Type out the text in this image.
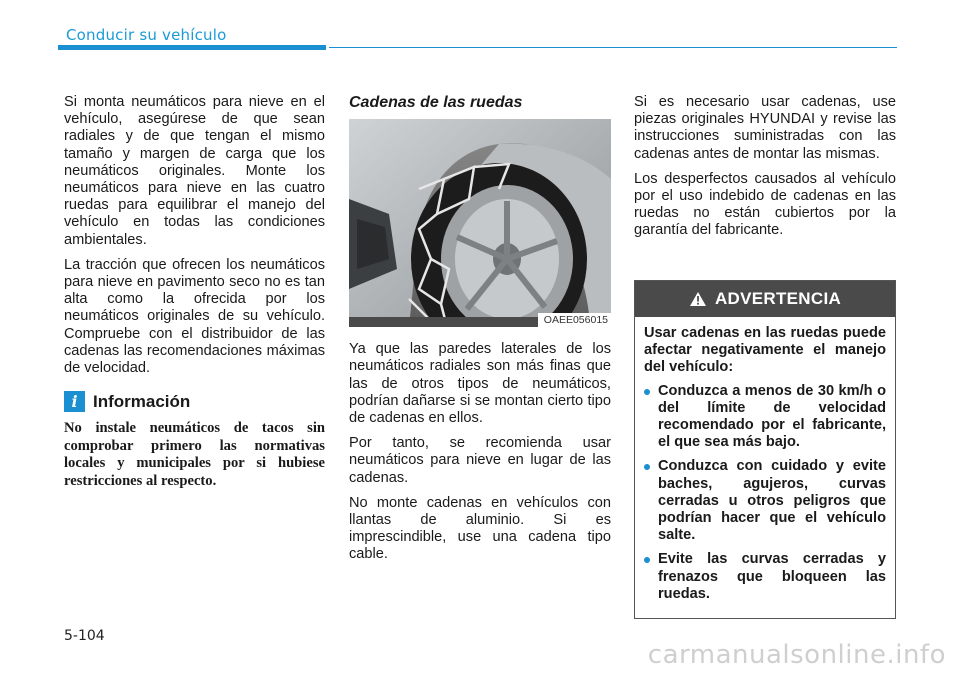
Conducir su vehículo

Si monta neumáticos para nieve en el vehículo, asegúrese de que sean radiales y de que tengan el mismo tamaño y margen de carga que los neumáticos originales. Monte los neumáticos para nieve en las cuatro ruedas para equilibrar el manejo del vehículo en todas las condiciones ambientales.

La tracción que ofrecen los neumáticos para nieve en pavimento seco no es tan alta como la ofrecida por los neumáticos originales de su vehículo. Compruebe con el distribuidor de las cadenas las recomendaciones máximas de velocidad.

i Información

No instale neumáticos de tacos sin comprobar primero las normativas locales y municipales por si hubiese restricciones al respecto.

Cadenas de las ruedas

OAEE056015

Ya que las paredes laterales de los neumáticos radiales son más finas que las de otros tipos de neumáticos, podrían dañarse si se montan cierto tipo de cadenas en ellos.

Por tanto, se recomienda usar neumáticos para nieve en lugar de las cadenas.

No monte cadenas en vehículos con llantas de aluminio. Si es imprescindible, use una cadena tipo cable.

Si es necesario usar cadenas, use piezas originales HYUNDAI y revise las instrucciones suministradas con las cadenas antes de montar las mismas.

Los desperfectos causados al vehículo por el uso indebido de cadenas en las ruedas no están cubiertos por la garantía del fabricante.

ADVERTENCIA

Usar cadenas en las ruedas puede afectar negativamente el manejo del vehículo:

Conduzca a menos de 30 km/h o del límite de velocidad recomendado por el fabricante, el que sea más bajo.
Conduzca con cuidado y evite baches, agujeros, curvas cerradas u otros peligros que podrían hacer que el vehículo salte.
Evite las curvas cerradas y frenazos que bloqueen las ruedas.
5-104
carmanualsonline.info
